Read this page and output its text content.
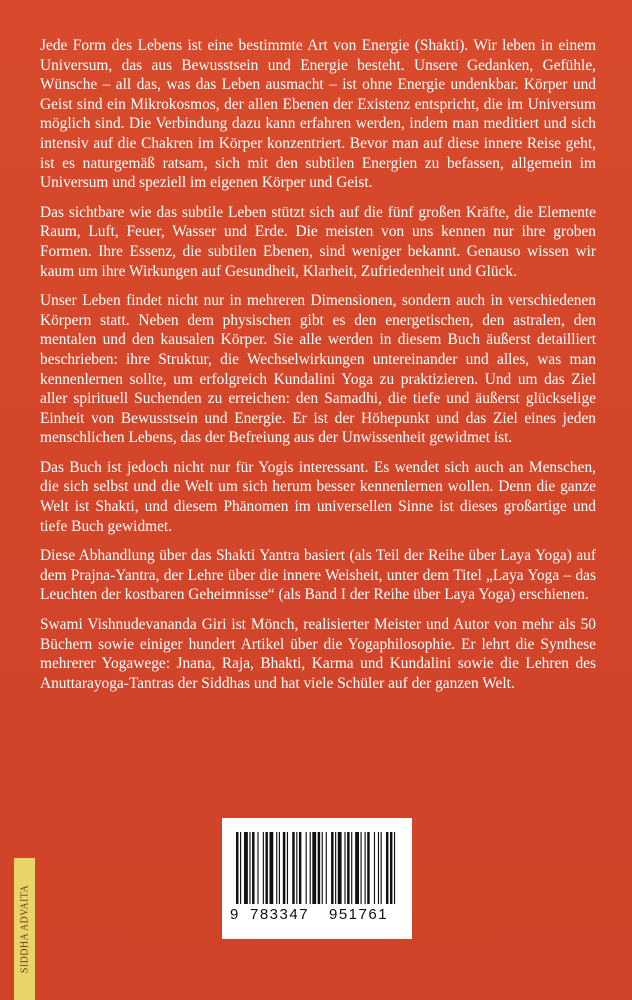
Jede Form des Lebens ist eine bestimmte Art von Energie (Shakti). Wir leben in einem Universum, das aus Bewusstsein und Energie besteht. Unsere Gedanken, Gefühle, Wünsche – all das, was das Leben ausmacht – ist ohne Energie undenkbar. Körper und Geist sind ein Mikrokosmos, der allen Ebenen der Existenz entspricht, die im Universum möglich sind. Die Verbindung dazu kann erfahren werden, indem man meditiert und sich intensiv auf die Chakren im Körper konzentriert. Bevor man auf diese innere Reise geht, ist es naturgemäß ratsam, sich mit den subtilen Energien zu befassen, allgemein im Universum und speziell im eigenen Körper und Geist.

Das sichtbare wie das subtile Leben stützt sich auf die fünf großen Kräfte, die Elemente Raum, Luft, Feuer, Wasser und Erde. Die meisten von uns kennen nur ihre groben Formen. Ihre Essenz, die subtilen Ebenen, sind weniger bekannt. Genauso wissen wir kaum um ihre Wirkungen auf Gesundheit, Klarheit, Zufriedenheit und Glück.

Unser Leben findet nicht nur in mehreren Dimensionen, sondern auch in verschiedenen Körpern statt. Neben dem physischen gibt es den energetischen, den astralen, den mentalen und den kausalen Körper. Sie alle werden in diesem Buch äußerst detailliert beschrieben: ihre Struktur, die Wechselwirkungen untereinander und alles, was man kennenlernen sollte, um erfolgreich Kundalini Yoga zu praktizieren. Und um das Ziel aller spirituell Suchenden zu erreichen: den Samadhi, die tiefe und äußerst glückselige Einheit von Bewusstsein und Energie. Er ist der Höhepunkt und das Ziel eines jeden menschlichen Lebens, das der Befreiung aus der Unwissenheit gewidmet ist.

Das Buch ist jedoch nicht nur für Yogis interessant. Es wendet sich auch an Menschen, die sich selbst und die Welt um sich herum besser kennenlernen wollen. Denn die ganze Welt ist Shakti, und diesem Phänomen im universellen Sinne ist dieses großartige und tiefe Buch gewidmet.

Diese Abhandlung über das Shakti Yantra basiert (als Teil der Reihe über Laya Yoga) auf dem Prajna-Yantra, der Lehre über die innere Weisheit, unter dem Titel „Laya Yoga – das Leuchten der kostbaren Geheimnisse“ (als Band I der Reihe über Laya Yoga) erschienen.

Swami Vishnudevananda Giri ist Mönch, realisierter Meister und Autor von mehr als 50 Büchern sowie einiger hundert Artikel über die Yogaphilosophie. Er lehrt die Synthese mehrerer Yogawege: Jnana, Raja, Bhakti, Karma und Kundalini sowie die Lehren des Anuttarayoga-Tantras der Siddhas und hat viele Schüler auf der ganzen Welt.

9 783347 951761
SIDDHA ADVAITA
